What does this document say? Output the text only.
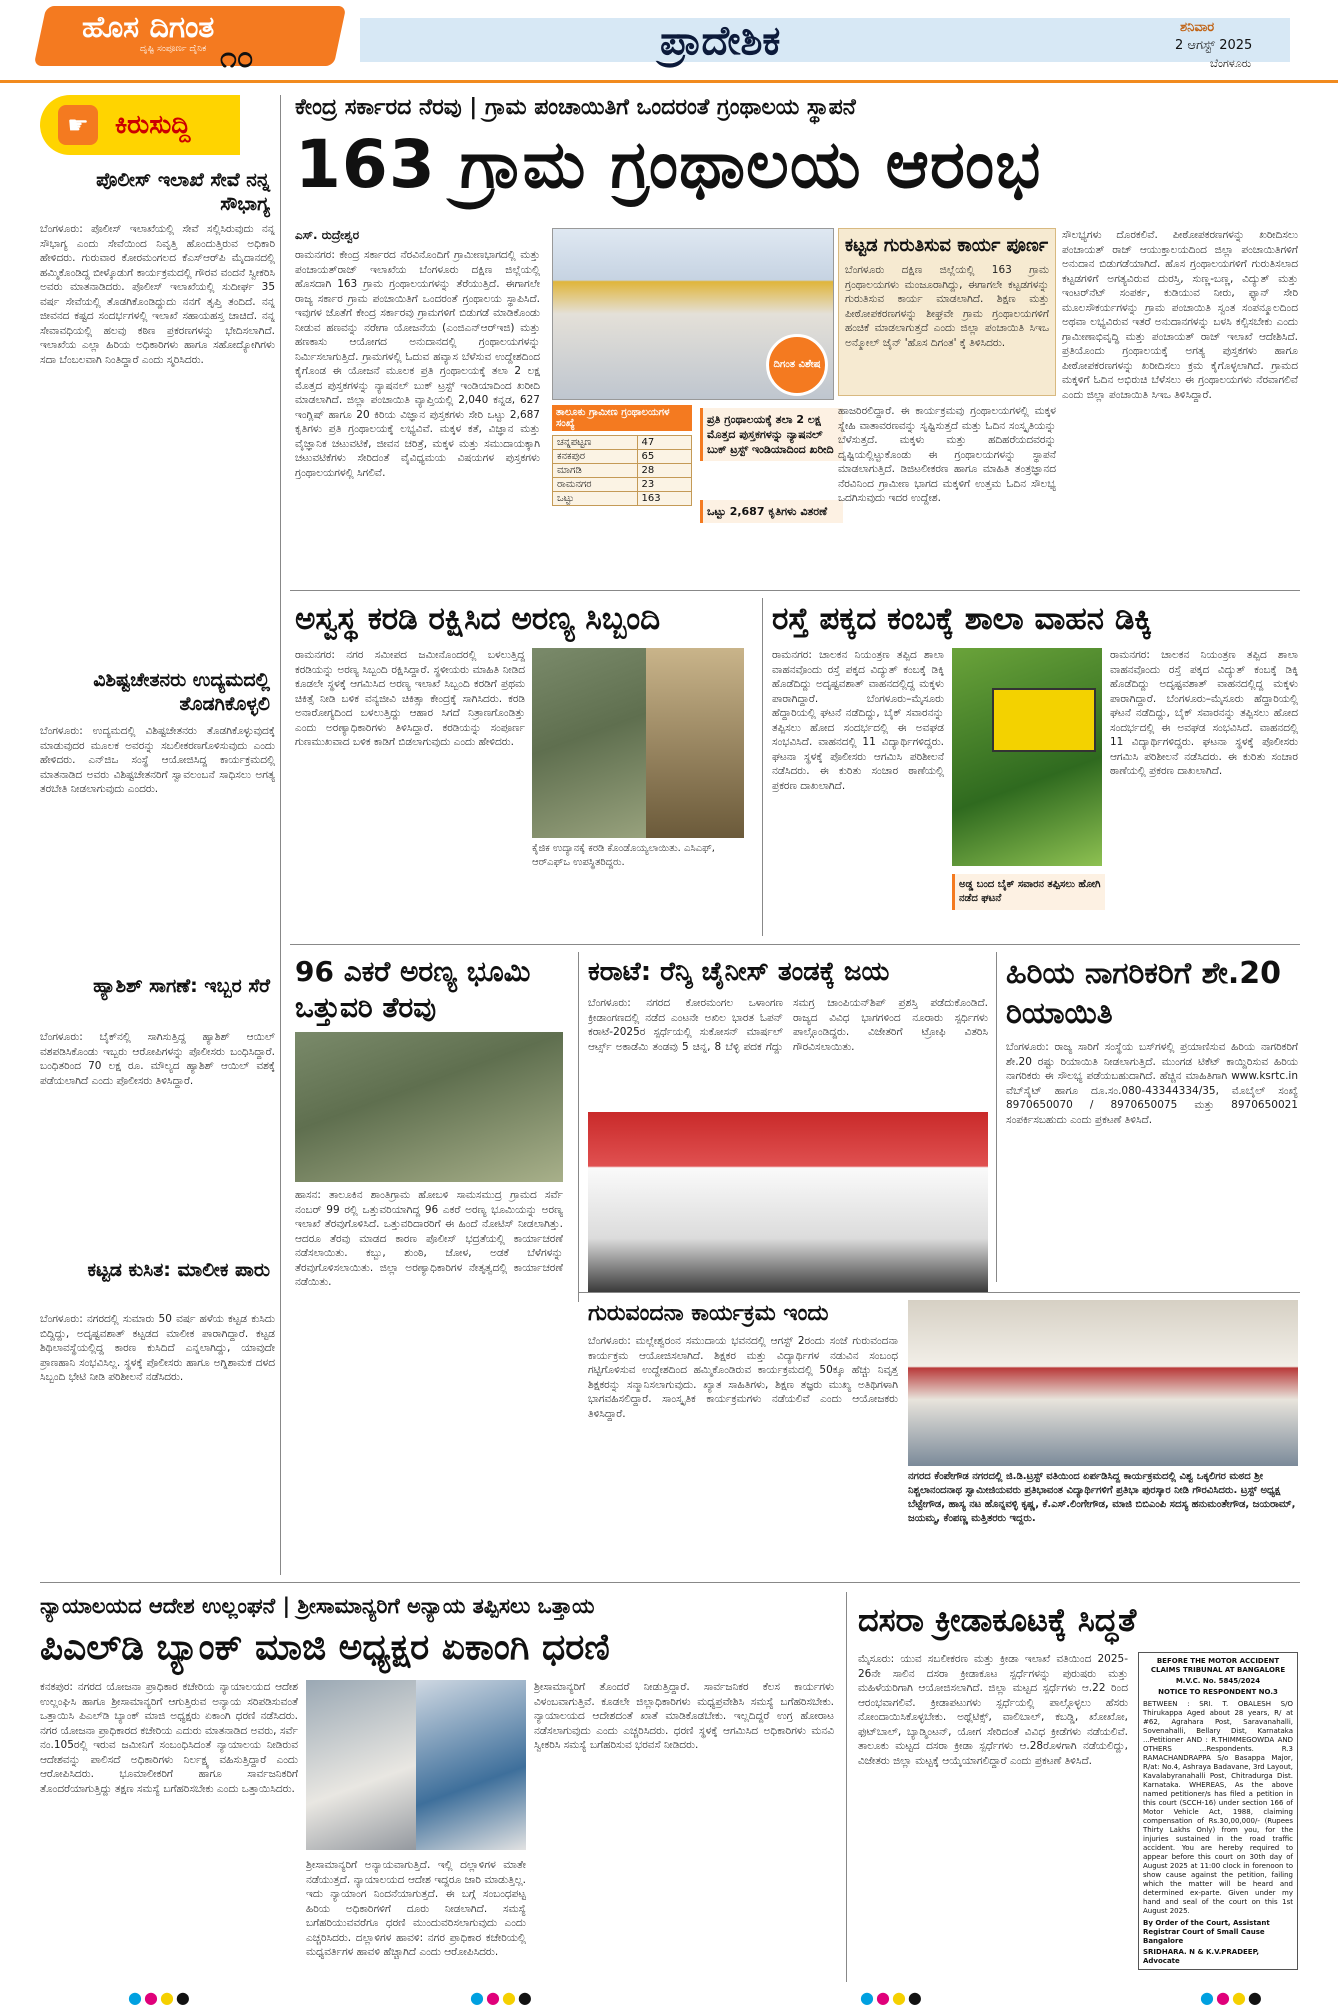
ಹೊಸ ದಿಗಂತ
ದೃಷ್ಟಿ ಸಂಪೂರ್ಣ ದೈನಿಕ ೧೦	ಪ್ರಾದೇಶಿಕ	ಶನಿವಾರ
2 ಆಗಸ್ಟ್ 2025
ಬೆಂಗಳೂರು
☛	ಕಿರುಸುದ್ದಿ
ಪೊಲೀಸ್ ಇಲಾಖೆ ಸೇವೆ ನನ್ನ ಸೌಭಾಗ್ಯ
ಬೆಂಗಳೂರು: ಪೊಲೀಸ್ ಇಲಾಖೆಯಲ್ಲಿ ಸೇವೆ ಸಲ್ಲಿಸಿರುವುದು ನನ್ನ ಸೌಭಾಗ್ಯ ಎಂದು ಸೇವೆಯಿಂದ ನಿವೃತ್ತಿ ಹೊಂದುತ್ತಿರುವ ಅಧಿಕಾರಿ ಹೇಳಿದರು. ಗುರುವಾರ ಕೋರಮಂಗಲದ ಕೆಎಸ್‌ಆರ್‌ಪಿ ಮೈದಾನದಲ್ಲಿ ಹಮ್ಮಿಕೊಂಡಿದ್ದ ಬೀಳ್ಕೊಡುಗೆ ಕಾರ್ಯಕ್ರಮದಲ್ಲಿ ಗೌರವ ವಂದನೆ ಸ್ವೀಕರಿಸಿ ಅವರು ಮಾತನಾಡಿದರು. ಪೊಲೀಸ್ ಇಲಾಖೆಯಲ್ಲಿ ಸುದೀರ್ಘ 35 ವರ್ಷ ಸೇವೆಯಲ್ಲಿ ತೊಡಗಿಕೊಂಡಿದ್ದುದು ನನಗೆ ತೃಪ್ತಿ ತಂದಿದೆ. ನನ್ನ ಜೀವನದ ಕಷ್ಟದ ಸಂದರ್ಭಗಳಲ್ಲಿ ಇಲಾಖೆ ಸಹಾಯಹಸ್ತ ಚಾಚಿದೆ. ನನ್ನ ಸೇವಾವಧಿಯಲ್ಲಿ ಹಲವು ಕಠಿಣ ಪ್ರಕರಣಗಳನ್ನು ಭೇದಿಸಲಾಗಿದೆ. ಇಲಾಖೆಯ ಎಲ್ಲಾ ಹಿರಿಯ ಅಧಿಕಾರಿಗಳು ಹಾಗೂ ಸಹೋದ್ಯೋಗಿಗಳು ಸದಾ ಬೆಂಬಲವಾಗಿ ನಿಂತಿದ್ದಾರೆ ಎಂದು ಸ್ಮರಿಸಿದರು.
ವಿಶಿಷ್ಟಚೇತನರು ಉದ್ಯಮದಲ್ಲಿ ತೊಡಗಿಕೊಳ್ಳಲಿ
ಬೆಂಗಳೂರು: ಉದ್ಯಮದಲ್ಲಿ ವಿಶಿಷ್ಟಚೇತನರು ತೊಡಗಿಕೊಳ್ಳುವುದಕ್ಕೆ ಮಾಡುವುದರ ಮೂಲಕ ಅವರನ್ನು ಸಬಲೀಕರಣಗೊಳಿಸುವುದು ಎಂದು ಹೇಳಿದರು. ಎನ್‌ಜಿಒ ಸಂಸ್ಥೆ ಆಯೋಜಿಸಿದ್ದ ಕಾರ್ಯಕ್ರಮದಲ್ಲಿ ಮಾತನಾಡಿದ ಅವರು ವಿಶಿಷ್ಟಚೇತನರಿಗೆ ಸ್ವಾವಲಂಬನೆ ಸಾಧಿಸಲು ಅಗತ್ಯ ತರಬೇತಿ ನೀಡಲಾಗುವುದು ಎಂದರು.
ಹ್ಯಾಶಿಶ್ ಸಾಗಣೆ: ಇಬ್ಬರ ಸೆರೆ
ಬೆಂಗಳೂರು: ಬೈಕ್‌ನಲ್ಲಿ ಸಾಗಿಸುತ್ತಿದ್ದ ಹ್ಯಾಶಿಶ್ ಆಯಿಲ್ ವಶಪಡಿಸಿಕೊಂಡು ಇಬ್ಬರು ಆರೋಪಿಗಳನ್ನು ಪೊಲೀಸರು ಬಂಧಿಸಿದ್ದಾರೆ. ಬಂಧಿತರಿಂದ 70 ಲಕ್ಷ ರೂ. ಮೌಲ್ಯದ ಹ್ಯಾಶಿಶ್ ಆಯಿಲ್ ವಶಕ್ಕೆ ಪಡೆಯಲಾಗಿದೆ ಎಂದು ಪೊಲೀಸರು ತಿಳಿಸಿದ್ದಾರೆ.
ಕಟ್ಟಡ ಕುಸಿತ: ಮಾಲೀಕ ಪಾರು
ಬೆಂಗಳೂರು: ನಗರದಲ್ಲಿ ಸುಮಾರು 50 ವರ್ಷ ಹಳೆಯ ಕಟ್ಟಡ ಕುಸಿದು ಬಿದ್ದಿದ್ದು, ಅದೃಷ್ಟವಶಾತ್ ಕಟ್ಟಡದ ಮಾಲೀಕ ಪಾರಾಗಿದ್ದಾರೆ. ಕಟ್ಟಡ ಶಿಥಿಲಾವಸ್ಥೆಯಲ್ಲಿದ್ದ ಕಾರಣ ಕುಸಿದಿದೆ ಎನ್ನಲಾಗಿದ್ದು, ಯಾವುದೇ ಪ್ರಾಣಹಾನಿ ಸಂಭವಿಸಿಲ್ಲ. ಸ್ಥಳಕ್ಕೆ ಪೊಲೀಸರು ಹಾಗೂ ಅಗ್ನಿಶಾಮಕ ದಳದ ಸಿಬ್ಬಂದಿ ಭೇಟಿ ನೀಡಿ ಪರಿಶೀಲನೆ ನಡೆಸಿದರು.
ಕೇಂದ್ರ ಸರ್ಕಾರದ ನೆರವು | ಗ್ರಾಮ ಪಂಚಾಯಿತಿಗೆ ಒಂದರಂತೆ ಗ್ರಂಥಾಲಯ ಸ್ಥಾಪನೆ
163 ಗ್ರಾಮ ಗ್ರಂಥಾಲಯ ಆರಂಭ
ಎಸ್. ರುದ್ರೇಶ್ವರ
ರಾಮನಗರ: ಕೇಂದ್ರ ಸರ್ಕಾರದ ನೆರವಿನೊಂದಿಗೆ ಗ್ರಾಮೀಣಭಾಗದಲ್ಲಿ ಮತ್ತು ಪಂಚಾಯತ್‌ರಾಜ್ ಇಲಾಖೆಯ ಬೆಂಗಳೂರು ದಕ್ಷಿಣ ಜಿಲ್ಲೆಯಲ್ಲಿ ಹೊಸದಾಗಿ 163 ಗ್ರಾಮ ಗ್ರಂಥಾಲಯಗಳನ್ನು ತೆರೆಯುತ್ತಿದೆ. ಈಗಾಗಲೇ ರಾಜ್ಯ ಸರ್ಕಾರ ಗ್ರಾಮ ಪಂಚಾಯಿತಿಗೆ ಒಂದರಂತೆ ಗ್ರಂಥಾಲಯ ಸ್ಥಾಪಿಸಿದೆ. ಇವುಗಳ ಜೊತೆಗೆ ಕೇಂದ್ರ ಸರ್ಕಾರವು ಗ್ರಾಮಗಳಿಗೆ ಬಿಡುಗಡೆ ಮಾಡಿಕೊಂಡು ನೀಡುವ ಹಣವನ್ನು ನರೇಗಾ ಯೋಜನೆಯ (ಎಂಜಿಎನ್‌ಆರ್‌ಇಜಿ) ಮತ್ತು ಹಣಕಾಸು ಆಯೋಗದ ಅನುದಾನದಲ್ಲಿ ಗ್ರಂಥಾಲಯಗಳನ್ನು ನಿರ್ಮಿಸಲಾಗುತ್ತಿದೆ. ಗ್ರಾಮಗಳಲ್ಲಿ ಓದುವ ಹವ್ಯಾಸ ಬೆಳೆಸುವ ಉದ್ದೇಶದಿಂದ ಕೈಗೊಂಡ ಈ ಯೋಜನೆ ಮೂಲಕ ಪ್ರತಿ ಗ್ರಂಥಾಲಯಕ್ಕೆ ತಲಾ 2 ಲಕ್ಷ ಮೊತ್ತದ ಪುಸ್ತಕಗಳನ್ನು ನ್ಯಾಷನಲ್ ಬುಕ್ ಟ್ರಸ್ಟ್ ಇಂಡಿಯಾದಿಂದ ಖರೀದಿ ಮಾಡಲಾಗಿದೆ. ಜಿಲ್ಲಾ ಪಂಚಾಯಿತಿ ವ್ಯಾಪ್ತಿಯಲ್ಲಿ 2,040 ಕನ್ನಡ, 627 ಇಂಗ್ಲಿಷ್ ಹಾಗೂ 20 ಕಿರಿಯ ವಿಜ್ಞಾನ ಪುಸ್ತಕಗಳು ಸೇರಿ ಒಟ್ಟು 2,687 ಕೃತಿಗಳು ಪ್ರತಿ ಗ್ರಂಥಾಲಯಕ್ಕೆ ಲಭ್ಯವಿವೆ. ಮಕ್ಕಳ ಕತೆ, ವಿಜ್ಞಾನ ಮತ್ತು ವೈಜ್ಞಾನಿಕ ಚಟುವಟಿಕೆ, ಜೀವನ ಚರಿತ್ರೆ, ಮಕ್ಕಳ ಮತ್ತು ಸಮುದಾಯಕ್ಕಾಗಿ ಚಟುವಟಿಕೆಗಳು ಸೇರಿದಂತೆ ವೈವಿಧ್ಯಮಯ ವಿಷಯಗಳ ಪುಸ್ತಕಗಳು ಗ್ರಂಥಾಲಯಗಳಲ್ಲಿ ಸಿಗಲಿವೆ.
ದಿಗಂತ ವಿಶೇಷ
ಕಟ್ಟಡ ಗುರುತಿಸುವ ಕಾರ್ಯ ಪೂರ್ಣ
ಬೆಂಗಳೂರು ದಕ್ಷಿಣ ಜಿಲ್ಲೆಯಲ್ಲಿ 163 ಗ್ರಾಮ ಗ್ರಂಥಾಲಯಗಳು ಮಂಜೂರಾಗಿದ್ದು, ಈಗಾಗಲೇ ಕಟ್ಟಡಗಳನ್ನು ಗುರುತಿಸುವ ಕಾರ್ಯ ಮಾಡಲಾಗಿದೆ. ಶಿಕ್ಷಣ ಮತ್ತು ಪೀಠೋಪಕರಣಗಳನ್ನು ಶೀಘ್ರವೇ ಗ್ರಾಮ ಗ್ರಂಥಾಲಯಗಳಿಗೆ ಹಂಚಿಕೆ ಮಾಡಲಾಗುತ್ತದೆ ಎಂದು ಜಿಲ್ಲಾ ಪಂಚಾಯಿತಿ ಸಿಇಒ ಅನ್ಮೋಲ್ ಜೈನ್ 'ಹೊಸ ದಿಗಂತ' ಕ್ಕೆ ತಿಳಿಸಿದರು.
ತಾಲೂಕು ಗ್ರಾಮೀಣ ಗ್ರಂಥಾಲಯಗಳ ಸಂಖ್ಯೆ
ಚನ್ನಪಟ್ಟಣ	47
ಕನಕಪುರ	65
ಮಾಗಡಿ	28
ರಾಮನಗರ	23
ಒಟ್ಟು	163
ಪ್ರತಿ ಗ್ರಂಥಾಲಯಕ್ಕೆ ತಲಾ 2 ಲಕ್ಷ ಮೊತ್ತದ ಪುಸ್ತಕಗಳನ್ನು ನ್ಯಾಷನಲ್ ಬುಕ್ ಟ್ರಸ್ಟ್ ಇಂಡಿಯಾದಿಂದ ಖರೀದಿ
ಒಟ್ಟು 2,687 ಕೃತಿಗಳು ವಿತರಣೆ
ಹಾಜರಿರಲಿದ್ದಾರೆ. ಈ ಕಾರ್ಯಕ್ರಮವು ಗ್ರಂಥಾಲಯಗಳಲ್ಲಿ ಮಕ್ಕಳ ಸ್ನೇಹಿ ವಾತಾವರಣವನ್ನು ಸೃಷ್ಟಿಸುತ್ತದೆ ಮತ್ತು ಓದಿನ ಸಂಸ್ಕೃತಿಯನ್ನು ಬೆಳೆಸುತ್ತದೆ. ಮಕ್ಕಳು ಮತ್ತು ಹದಿಹರೆಯದವರನ್ನು ದೃಷ್ಟಿಯಲ್ಲಿಟ್ಟುಕೊಂಡು ಈ ಗ್ರಂಥಾಲಯಗಳನ್ನು ಸ್ಥಾಪನೆ ಮಾಡಲಾಗುತ್ತಿದೆ. ಡಿಜಿಟಲೀಕರಣ ಹಾಗೂ ಮಾಹಿತಿ ತಂತ್ರಜ್ಞಾನದ ನೆರವಿನಿಂದ ಗ್ರಾಮೀಣ ಭಾಗದ ಮಕ್ಕಳಿಗೆ ಉತ್ತಮ ಓದಿನ ಸೌಲಭ್ಯ ಒದಗಿಸುವುದು ಇದರ ಉದ್ದೇಶ.
ಸೌಲಭ್ಯಗಳು ದೊರಕಲಿವೆ. ಪೀಠೋಪಕರಣಗಳನ್ನು ಖರೀದಿಸಲು ಪಂಚಾಯತ್ ರಾಜ್ ಆಯುಕ್ತಾಲಯದಿಂದ ಜಿಲ್ಲಾ ಪಂಚಾಯಿತಿಗಳಿಗೆ ಅನುದಾನ ಬಿಡುಗಡೆಯಾಗಿದೆ. ಹೊಸ ಗ್ರಂಥಾಲಯಗಳಿಗೆ ಗುರುತಿಸಲಾದ ಕಟ್ಟಡಗಳಿಗೆ ಅಗತ್ಯವಿರುವ ದುರಸ್ತಿ, ಸುಣ್ಣ-ಬಣ್ಣ, ವಿದ್ಯುತ್ ಮತ್ತು ಇಂಟರ್‌ನೆಟ್ ಸಂಪರ್ಕ, ಕುಡಿಯುವ ನೀರು, ಫ್ಯಾನ್ ಸೇರಿ ಮೂಲಸೌಕರ್ಯಗಳನ್ನು ಗ್ರಾಮ ಪಂಚಾಯಿತಿ ಸ್ವಂತ ಸಂಪನ್ಮೂಲದಿಂದ ಅಥವಾ ಲಭ್ಯವಿರುವ ಇತರೆ ಅನುದಾನಗಳನ್ನು ಬಳಸಿ ಕಲ್ಪಿಸಬೇಕು ಎಂದು ಗ್ರಾಮೀಣಾಭಿವೃದ್ಧಿ ಮತ್ತು ಪಂಚಾಯತ್ ರಾಜ್ ಇಲಾಖೆ ಆದೇಶಿಸಿದೆ. ಪ್ರತಿಯೊಂದು ಗ್ರಂಥಾಲಯಕ್ಕೆ ಅಗತ್ಯ ಪುಸ್ತಕಗಳು ಹಾಗೂ ಪೀಠೋಪಕರಣಗಳನ್ನು ಖರೀದಿಸಲು ಕ್ರಮ ಕೈಗೊಳ್ಳಲಾಗಿದೆ. ಗ್ರಾಮದ ಮಕ್ಕಳಿಗೆ ಓದಿನ ಅಭಿರುಚಿ ಬೆಳೆಸಲು ಈ ಗ್ರಂಥಾಲಯಗಳು ನೆರವಾಗಲಿವೆ ಎಂದು ಜಿಲ್ಲಾ ಪಂಚಾಯಿತಿ ಸಿಇಒ ತಿಳಿಸಿದ್ದಾರೆ.
ಅಸ್ವಸ್ಥ ಕರಡಿ ರಕ್ಷಿಸಿದ ಅರಣ್ಯ ಸಿಬ್ಬಂದಿ
ರಾಮನಗರ: ನಗರ ಸಮೀಪದ ಜಮೀನೊಂದರಲ್ಲಿ ಬಳಲುತ್ತಿದ್ದ ಕರಡಿಯನ್ನು ಅರಣ್ಯ ಸಿಬ್ಬಂದಿ ರಕ್ಷಿಸಿದ್ದಾರೆ. ಸ್ಥಳೀಯರು ಮಾಹಿತಿ ನೀಡಿದ ಕೂಡಲೇ ಸ್ಥಳಕ್ಕೆ ಆಗಮಿಸಿದ ಅರಣ್ಯ ಇಲಾಖೆ ಸಿಬ್ಬಂದಿ ಕರಡಿಗೆ ಪ್ರಥಮ ಚಿಕಿತ್ಸೆ ನೀಡಿ ಬಳಿಕ ವನ್ಯಜೀವಿ ಚಿಕಿತ್ಸಾ ಕೇಂದ್ರಕ್ಕೆ ಸಾಗಿಸಿದರು. ಕರಡಿ ಅನಾರೋಗ್ಯದಿಂದ ಬಳಲುತ್ತಿದ್ದು ಆಹಾರ ಸಿಗದೆ ನಿತ್ರಾಣಗೊಂಡಿತ್ತು ಎಂದು ಅರಣ್ಯಾಧಿಕಾರಿಗಳು ತಿಳಿಸಿದ್ದಾರೆ. ಕರಡಿಯನ್ನು ಸಂಪೂರ್ಣ ಗುಣಮುಖವಾದ ಬಳಿಕ ಕಾಡಿಗೆ ಬಿಡಲಾಗುವುದು ಎಂದು ಹೇಳಿದರು.
ಕೈಜಿಕ ಉದ್ಯಾನಕ್ಕೆ ಕರಡಿ ಕೊಂಡೊಯ್ಯಲಾಯಿತು. ಎಸಿಎಫ್, ಆರ್‌ಎಫ್‌ಒ ಉಪಸ್ಥಿತರಿದ್ದರು.
ರಸ್ತೆ ಪಕ್ಕದ ಕಂಬಕ್ಕೆ ಶಾಲಾ ವಾಹನ ಡಿಕ್ಕಿ
ರಾಮನಗರ: ಚಾಲಕನ ನಿಯಂತ್ರಣ ತಪ್ಪಿದ ಶಾಲಾ ವಾಹನವೊಂದು ರಸ್ತೆ ಪಕ್ಕದ ವಿದ್ಯುತ್ ಕಂಬಕ್ಕೆ ಡಿಕ್ಕಿ ಹೊಡೆದಿದ್ದು ಅದೃಷ್ಟವಶಾತ್ ವಾಹನದಲ್ಲಿದ್ದ ಮಕ್ಕಳು ಪಾರಾಗಿದ್ದಾರೆ. ಬೆಂಗಳೂರು–ಮೈಸೂರು ಹೆದ್ದಾರಿಯಲ್ಲಿ ಘಟನೆ ನಡೆದಿದ್ದು, ಬೈಕ್ ಸವಾರನನ್ನು ತಪ್ಪಿಸಲು ಹೋದ ಸಂದರ್ಭದಲ್ಲಿ ಈ ಅವಘಡ ಸಂಭವಿಸಿದೆ. ವಾಹನದಲ್ಲಿ 11 ವಿದ್ಯಾರ್ಥಿಗಳಿದ್ದರು. ಘಟನಾ ಸ್ಥಳಕ್ಕೆ ಪೊಲೀಸರು ಆಗಮಿಸಿ ಪರಿಶೀಲನೆ ನಡೆಸಿದರು. ಈ ಕುರಿತು ಸಂಚಾರ ಠಾಣೆಯಲ್ಲಿ ಪ್ರಕರಣ ದಾಖಲಾಗಿದೆ.
ಅಡ್ಡ ಬಂದ ಬೈಕ್ ಸವಾರನ ತಪ್ಪಿಸಲು ಹೋಗಿ ನಡೆದ ಘಟನೆ
ರಾಮನಗರ: ಚಾಲಕನ ನಿಯಂತ್ರಣ ತಪ್ಪಿದ ಶಾಲಾ ವಾಹನವೊಂದು ರಸ್ತೆ ಪಕ್ಕದ ವಿದ್ಯುತ್ ಕಂಬಕ್ಕೆ ಡಿಕ್ಕಿ ಹೊಡೆದಿದ್ದು ಅದೃಷ್ಟವಶಾತ್ ವಾಹನದಲ್ಲಿದ್ದ ಮಕ್ಕಳು ಪಾರಾಗಿದ್ದಾರೆ. ಬೆಂಗಳೂರು–ಮೈಸೂರು ಹೆದ್ದಾರಿಯಲ್ಲಿ ಘಟನೆ ನಡೆದಿದ್ದು, ಬೈಕ್ ಸವಾರನನ್ನು ತಪ್ಪಿಸಲು ಹೋದ ಸಂದರ್ಭದಲ್ಲಿ ಈ ಅವಘಡ ಸಂಭವಿಸಿದೆ. ವಾಹನದಲ್ಲಿ 11 ವಿದ್ಯಾರ್ಥಿಗಳಿದ್ದರು. ಘಟನಾ ಸ್ಥಳಕ್ಕೆ ಪೊಲೀಸರು ಆಗಮಿಸಿ ಪರಿಶೀಲನೆ ನಡೆಸಿದರು. ಈ ಕುರಿತು ಸಂಚಾರ ಠಾಣೆಯಲ್ಲಿ ಪ್ರಕರಣ ದಾಖಲಾಗಿದೆ.
96 ಎಕರೆ ಅರಣ್ಯ ಭೂಮಿ ಒತ್ತುವರಿ ತೆರವು
ಹಾಸನ: ತಾಲೂಕಿನ ಶಾಂತಿಗ್ರಾಮ ಹೋಬಳಿ ಸಾಮಸಮುದ್ರ ಗ್ರಾಮದ ಸರ್ವೆ ನಂಬರ್ 99 ರಲ್ಲಿ ಒತ್ತುವರಿಯಾಗಿದ್ದ 96 ಎಕರೆ ಅರಣ್ಯ ಭೂಮಿಯನ್ನು ಅರಣ್ಯ ಇಲಾಖೆ ತೆರವುಗೊಳಿಸಿದೆ. ಒತ್ತುವರಿದಾರರಿಗೆ ಈ ಹಿಂದೆ ನೋಟಿಸ್ ನೀಡಲಾಗಿತ್ತು. ಆದರೂ ತೆರವು ಮಾಡದ ಕಾರಣ ಪೊಲೀಸ್ ಭದ್ರತೆಯಲ್ಲಿ ಕಾರ್ಯಾಚರಣೆ ನಡೆಸಲಾಯಿತು. ಕಬ್ಬು, ಶುಂಠಿ, ಜೋಳ, ಅಡಕೆ ಬೆಳೆಗಳನ್ನು ತೆರವುಗೊಳಿಸಲಾಯಿತು. ಜಿಲ್ಲಾ ಅರಣ್ಯಾಧಿಕಾರಿಗಳ ನೇತೃತ್ವದಲ್ಲಿ ಕಾರ್ಯಾಚರಣೆ ನಡೆಯಿತು.
ಕರಾಟೆ: ರೆನ್ಶಿ ಚೈನೀಸ್ ತಂಡಕ್ಕೆ ಜಯ
ಬೆಂಗಳೂರು: ನಗರದ ಕೋರಮಂಗಲ ಒಳಾಂಗಣ ಕ್ರೀಡಾಂಗಣದಲ್ಲಿ ನಡೆದ ಎಂಟನೇ ಅಖಿಲ ಭಾರತ ಓಪನ್ ಕರಾಟೆ-2025ರ ಸ್ಪರ್ಧೆಯಲ್ಲಿ ಸುಕೋಸನ್ ಮಾರ್ಷಲ್ ಆರ್ಟ್ಸ್ ಅಕಾಡೆಮಿ ತಂಡವು 5 ಚಿನ್ನ, 8 ಬೆಳ್ಳಿ ಪದಕ ಗೆದ್ದು ಸಮಗ್ರ ಚಾಂಪಿಯನ್‌ಶಿಪ್ ಪ್ರಶಸ್ತಿ ಪಡೆದುಕೊಂಡಿದೆ. ರಾಜ್ಯದ ವಿವಿಧ ಭಾಗಗಳಿಂದ ನೂರಾರು ಸ್ಪರ್ಧಿಗಳು ಪಾಲ್ಗೊಂಡಿದ್ದರು. ವಿಜೇತರಿಗೆ ಟ್ರೋಫಿ ವಿತರಿಸಿ ಗೌರವಿಸಲಾಯಿತು.
ಹಿರಿಯ ನಾಗರಿಕರಿಗೆ ಶೇ.20 ರಿಯಾಯಿತಿ
ಬೆಂಗಳೂರು: ರಾಜ್ಯ ಸಾರಿಗೆ ಸಂಸ್ಥೆಯ ಬಸ್‌ಗಳಲ್ಲಿ ಪ್ರಯಾಣಿಸುವ ಹಿರಿಯ ನಾಗರಿಕರಿಗೆ ಶೇ.20 ರಷ್ಟು ರಿಯಾಯಿತಿ ನೀಡಲಾಗುತ್ತಿದೆ. ಮುಂಗಡ ಟಿಕೆಟ್ ಕಾಯ್ದಿರಿಸುವ ಹಿರಿಯ ನಾಗರಿಕರು ಈ ಸೌಲಭ್ಯ ಪಡೆಯಬಹುದಾಗಿದೆ. ಹೆಚ್ಚಿನ ಮಾಹಿತಿಗಾಗಿ www.ksrtc.in ವೆಬ್‌ಸೈಟ್ ಹಾಗೂ ದೂ.ಸಂ.080-43344334/35, ಮೊಬೈಲ್ ಸಂಖ್ಯೆ 8970650070 / 8970650075 ಮತ್ತು 8970650021 ಸಂಪರ್ಕಿಸಬಹುದು ಎಂದು ಪ್ರಕಟಣೆ ತಿಳಿಸಿದೆ.
ಗುರುವಂದನಾ ಕಾರ್ಯಕ್ರಮ ಇಂದು
ಬೆಂಗಳೂರು: ಮಲ್ಲೇಶ್ವರಂನ ಸಮುದಾಯ ಭವನದಲ್ಲಿ ಆಗಸ್ಟ್ 2ರಂದು ಸಂಜೆ ಗುರುವಂದನಾ ಕಾರ್ಯಕ್ರಮ ಆಯೋಜಿಸಲಾಗಿದೆ. ಶಿಕ್ಷಕರ ಮತ್ತು ವಿದ್ಯಾರ್ಥಿಗಳ ನಡುವಿನ ಸಂಬಂಧ ಗಟ್ಟಿಗೊಳಿಸುವ ಉದ್ದೇಶದಿಂದ ಹಮ್ಮಿಕೊಂಡಿರುವ ಕಾರ್ಯಕ್ರಮದಲ್ಲಿ 50ಕ್ಕೂ ಹೆಚ್ಚು ನಿವೃತ್ತ ಶಿಕ್ಷಕರನ್ನು ಸನ್ಮಾನಿಸಲಾಗುವುದು. ಖ್ಯಾತ ಸಾಹಿತಿಗಳು, ಶಿಕ್ಷಣ ತಜ್ಞರು ಮುಖ್ಯ ಅತಿಥಿಗಳಾಗಿ ಭಾಗವಹಿಸಲಿದ್ದಾರೆ. ಸಾಂಸ್ಕೃತಿಕ ಕಾರ್ಯಕ್ರಮಗಳು ನಡೆಯಲಿವೆ ಎಂದು ಆಯೋಜಕರು ತಿಳಿಸಿದ್ದಾರೆ.
ನಗರದ ಕೆಂಪೇಗೌಡ ನಗರದಲ್ಲಿ ಜಿ.ಡಿ.ಟ್ರಸ್ಟ್ ವತಿಯಿಂದ ಏರ್ಪಡಿಸಿದ್ದ ಕಾರ್ಯಕ್ರಮದಲ್ಲಿ ವಿಶ್ವ ಒಕ್ಕಲಿಗರ ಮಠದ ಶ್ರೀ ನಿಶ್ಚಲಾನಂದನಾಥ ಸ್ವಾಮೀಜಿಯವರು ಪ್ರತಿಭಾವಂತ ವಿದ್ಯಾರ್ಥಿಗಳಿಗೆ ಪ್ರತಿಭಾ ಪುರಸ್ಕಾರ ನೀಡಿ ಗೌರವಿಸಿದರು. ಟ್ರಸ್ಟ್ ಅಧ್ಯಕ್ಷ ಬೆಟ್ಟೇಗೌಡ, ಹಾಸ್ಯ ನಟ ಹೊನ್ನವಳ್ಳಿ ಕೃಷ್ಣ, ಕೆ.ಎಸ್.ಲಿಂಗೇಗೌಡ, ಮಾಜಿ ಬಿಬಿಎಂಪಿ ಸದಸ್ಯ ಹನುಮಂತೇಗೌಡ, ಜಯರಾಮ್, ಜಯಮ್ಮ, ಕೆಂಪಣ್ಣ ಮತ್ತಿತರರು ಇದ್ದರು.
ನ್ಯಾಯಾಲಯದ ಆದೇಶ ಉಲ್ಲಂಘನೆ | ಶ್ರೀಸಾಮಾನ್ಯರಿಗೆ ಅನ್ಯಾಯ ತಪ್ಪಿಸಲು ಒತ್ತಾಯ
ಪಿಎಲ್‌ಡಿ ಬ್ಯಾಂಕ್ ಮಾಜಿ ಅಧ್ಯಕ್ಷರ ಏಕಾಂಗಿ ಧರಣಿ
ಕನಕಪುರ: ನಗರದ ಯೋಜನಾ ಪ್ರಾಧಿಕಾರ ಕಚೇರಿಯ ನ್ಯಾಯಾಲಯದ ಆದೇಶ ಉಲ್ಲಂಘಿಸಿ ಹಾಗೂ ಶ್ರೀಸಾಮಾನ್ಯರಿಗೆ ಆಗುತ್ತಿರುವ ಅನ್ಯಾಯ ಸರಿಪಡಿಸುವಂತೆ ಒತ್ತಾಯಿಸಿ ಪಿಎಲ್‌ಡಿ ಬ್ಯಾಂಕ್ ಮಾಜಿ ಅಧ್ಯಕ್ಷರು ಏಕಾಂಗಿ ಧರಣಿ ನಡೆಸಿದರು. ನಗರ ಯೋಜನಾ ಪ್ರಾಧಿಕಾರದ ಕಚೇರಿಯ ಎದುರು ಮಾತನಾಡಿದ ಅವರು, ಸರ್ವೆ ನಂ.105ರಲ್ಲಿ ಇರುವ ಜಮೀನಿಗೆ ಸಂಬಂಧಿಸಿದಂತೆ ನ್ಯಾಯಾಲಯ ನೀಡಿರುವ ಆದೇಶವನ್ನು ಪಾಲಿಸದೆ ಅಧಿಕಾರಿಗಳು ನಿರ್ಲಕ್ಷ್ಯ ವಹಿಸುತ್ತಿದ್ದಾರೆ ಎಂದು ಆರೋಪಿಸಿದರು. ಭೂಮಾಲೀಕರಿಗೆ ಹಾಗೂ ಸಾರ್ವಜನಿಕರಿಗೆ ತೊಂದರೆಯಾಗುತ್ತಿದ್ದು ತಕ್ಷಣ ಸಮಸ್ಯೆ ಬಗೆಹರಿಸಬೇಕು ಎಂದು ಒತ್ತಾಯಿಸಿದರು.
ಶ್ರೀಸಾಮಾನ್ಯರಿಗೆ ಅನ್ಯಾಯವಾಗುತ್ತಿದೆ. ಇಲ್ಲಿ ದಲ್ಲಾಳಿಗಳ ಮಾತೇ ನಡೆಯುತ್ತದೆ. ನ್ಯಾಯಾಲಯದ ಆದೇಶ ಇದ್ದರೂ ಜಾರಿ ಮಾಡುತ್ತಿಲ್ಲ. ಇದು ನ್ಯಾಯಾಂಗ ನಿಂದನೆಯಾಗುತ್ತದೆ. ಈ ಬಗ್ಗೆ ಸಂಬಂಧಪಟ್ಟ ಹಿರಿಯ ಅಧಿಕಾರಿಗಳಿಗೆ ದೂರು ನೀಡಲಾಗಿದೆ. ಸಮಸ್ಯೆ ಬಗೆಹರಿಯುವವರೆಗೂ ಧರಣಿ ಮುಂದುವರಿಸಲಾಗುವುದು ಎಂದು ಎಚ್ಚರಿಸಿದರು. ದಲ್ಲಾಳಿಗಳ ಹಾವಳಿ: ನಗರ ಪ್ರಾಧಿಕಾರ ಕಚೇರಿಯಲ್ಲಿ ಮಧ್ಯವರ್ತಿಗಳ ಹಾವಳಿ ಹೆಚ್ಚಾಗಿದೆ ಎಂದು ಆರೋಪಿಸಿದರು.
ಶ್ರೀಸಾಮಾನ್ಯರಿಗೆ ತೊಂದರೆ ನೀಡುತ್ತಿದ್ದಾರೆ. ಸಾರ್ವಜನಿಕರ ಕೆಲಸ ಕಾರ್ಯಗಳು ವಿಳಂಬವಾಗುತ್ತಿವೆ. ಕೂಡಲೇ ಜಿಲ್ಲಾಧಿಕಾರಿಗಳು ಮಧ್ಯಪ್ರವೇಶಿಸಿ ಸಮಸ್ಯೆ ಬಗೆಹರಿಸಬೇಕು. ನ್ಯಾಯಾಲಯದ ಆದೇಶದಂತೆ ಖಾತೆ ಮಾಡಿಕೊಡಬೇಕು. ಇಲ್ಲದಿದ್ದರೆ ಉಗ್ರ ಹೋರಾಟ ನಡೆಸಲಾಗುವುದು ಎಂದು ಎಚ್ಚರಿಸಿದರು. ಧರಣಿ ಸ್ಥಳಕ್ಕೆ ಆಗಮಿಸಿದ ಅಧಿಕಾರಿಗಳು ಮನವಿ ಸ್ವೀಕರಿಸಿ ಸಮಸ್ಯೆ ಬಗೆಹರಿಸುವ ಭರವಸೆ ನೀಡಿದರು.
ದಸರಾ ಕ್ರೀಡಾಕೂಟಕ್ಕೆ ಸಿದ್ಧತೆ
ಮೈಸೂರು: ಯುವ ಸಬಲೀಕರಣ ಮತ್ತು ಕ್ರೀಡಾ ಇಲಾಖೆ ವತಿಯಿಂದ 2025-26ನೇ ಸಾಲಿನ ದಸರಾ ಕ್ರೀಡಾಕೂಟ ಸ್ಪರ್ಧೆಗಳನ್ನು ಪುರುಷರು ಮತ್ತು ಮಹಿಳೆಯರಿಗಾಗಿ ಆಯೋಜಿಸಲಾಗಿದೆ. ಜಿಲ್ಲಾ ಮಟ್ಟದ ಸ್ಪರ್ಧೆಗಳು ಆ.22 ರಿಂದ ಆರಂಭವಾಗಲಿವೆ. ಕ್ರೀಡಾಪಟುಗಳು ಸ್ಪರ್ಧೆಯಲ್ಲಿ ಪಾಲ್ಗೊಳ್ಳಲು ಹೆಸರು ನೋಂದಾಯಿಸಿಕೊಳ್ಳಬೇಕು. ಅಥ್ಲೆಟಿಕ್ಸ್, ವಾಲಿಬಾಲ್, ಕಬಡ್ಡಿ, ಖೋಖೋ, ಫುಟ್‌ಬಾಲ್, ಬ್ಯಾಡ್ಮಿಂಟನ್, ಯೋಗ ಸೇರಿದಂತೆ ವಿವಿಧ ಕ್ರೀಡೆಗಳು ನಡೆಯಲಿವೆ. ತಾಲೂಕು ಮಟ್ಟದ ದಸರಾ ಕ್ರೀಡಾ ಸ್ಪರ್ಧೆಗಳು ಆ.28ರೊಳಗಾಗಿ ನಡೆಯಲಿದ್ದು, ವಿಜೇತರು ಜಿಲ್ಲಾ ಮಟ್ಟಕ್ಕೆ ಆಯ್ಕೆಯಾಗಲಿದ್ದಾರೆ ಎಂದು ಪ್ರಕಟಣೆ ತಿಳಿಸಿದೆ.
BEFORE THE MOTOR ACCIDENT CLAIMS TRIBUNAL AT BANGALORE
M.V.C. No. 5845/2024
NOTICE TO RESPONDENT NO.3
BETWEEN : SRI. T. OBALESH S/O Thirukappa Aged about 28 years, R/ at #62, Agrahara Post, Saravanahalli, Sovenahalli, Bellary Dist, Karnataka ...Petitioner AND : R.THIMMEGOWDA AND OTHERS ...Respondents. R.3 RAMACHANDRAPPA S/o Basappa Major, R/at: No.4, Ashraya Badavane, 3rd Layout, Kavalabyranahalli Post, Chitradurga Dist. Karnataka. WHEREAS, As the above named petitioner/s has filed a petition in this court (SCCH-16) under section 166 of Motor Vehicle Act, 1988, claiming compensation of Rs.30,00,000/- (Rupees Thirty Lakhs Only) from you, for the injuries sustained in the road traffic accident. You are hereby required to appear before this court on 30th day of August 2025 at 11:00 clock in forenoon to show cause against the petition, failing which the matter will be heard and determined ex-parte. Given under my hand and seal of the court on this 1st August 2025.
By Order of the Court, Assistant Registrar Court of Small Cause Bangalore
SRIDHARA. N & K.V.PRADEEP, Advocate
●●●●	●●●●	●●●●	●●●●
